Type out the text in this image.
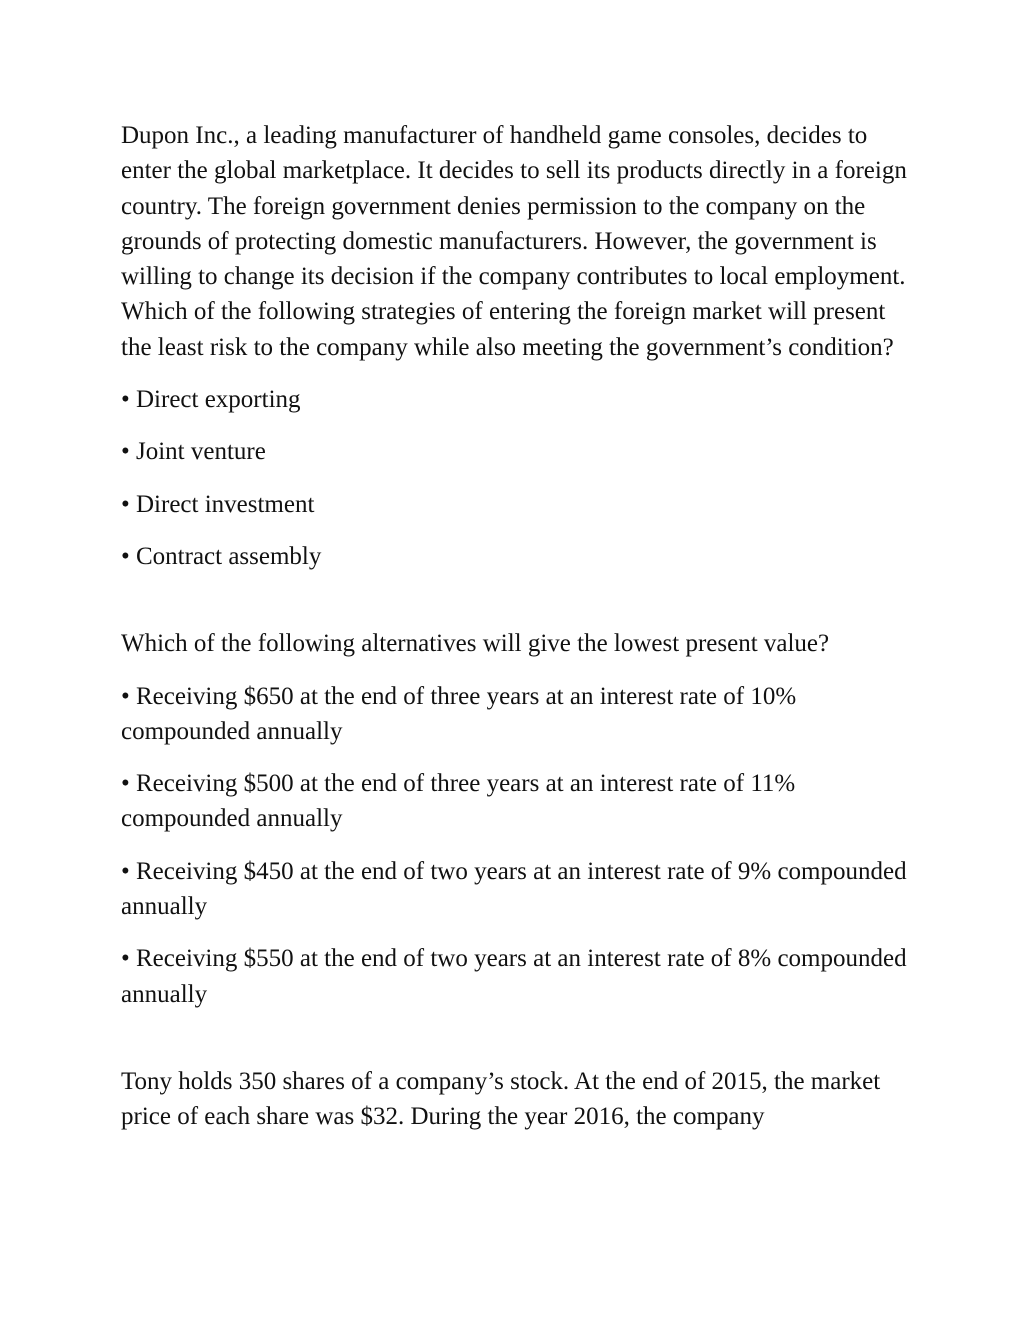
Dupon Inc., a leading manufacturer of handheld game consoles, decides to enter the global marketplace. It decides to sell its products directly in a foreign country. The foreign government denies permission to the company on the grounds of protecting domestic manufacturers. However, the government is willing to change its decision if the company contributes to local employment. Which of the following strategies of entering the foreign market will present the least risk to the company while also meeting the government’s condition?

• Direct exporting

• Joint venture

• Direct investment

• Contract assembly

Which of the following alternatives will give the lowest present value?

• Receiving $650 at the end of three years at an interest rate of 10% compounded annually

• Receiving $500 at the end of three years at an interest rate of 11% compounded annually

• Receiving $450 at the end of two years at an interest rate of 9% compounded annually

• Receiving $550 at the end of two years at an interest rate of 8% compounded annually

Tony holds 350 shares of a company’s stock. At the end of 2015, the market price of each share was $32. During the year 2016, the company
